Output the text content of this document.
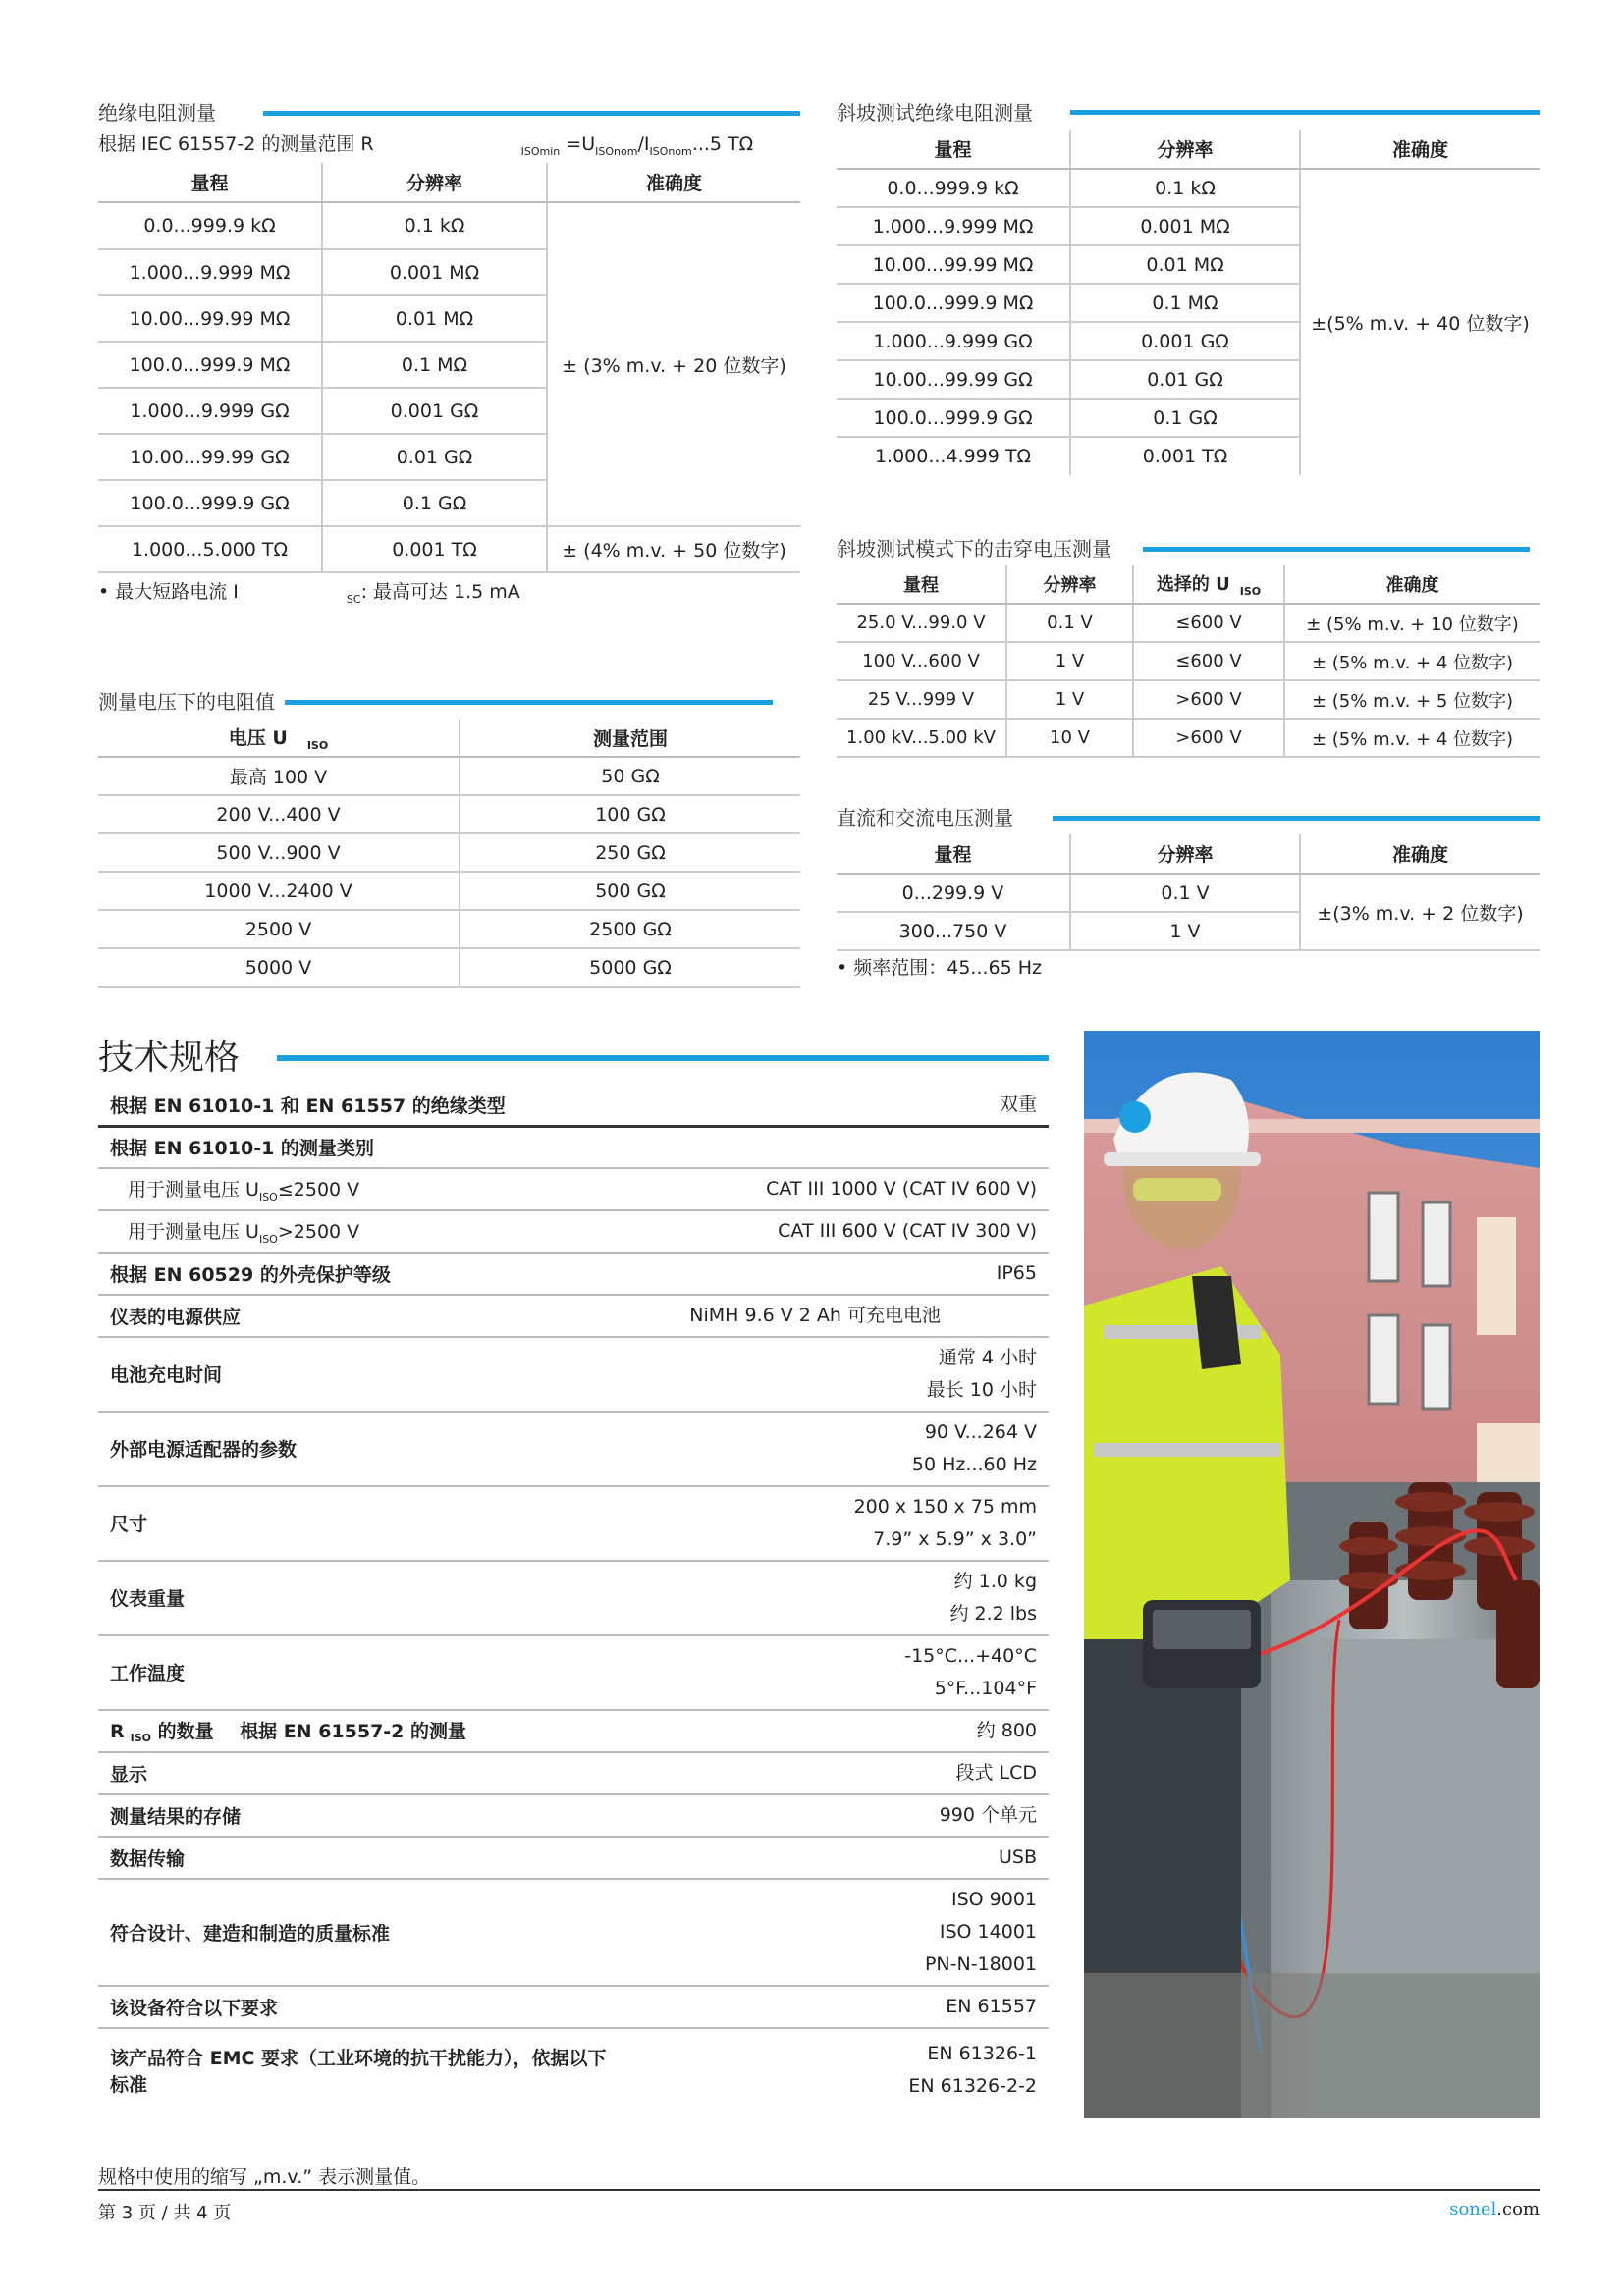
绝缘电阻测量
根据 IEC 61557-2 的测量范围 R	$_{ISOmin} =U_{ISOnom}/I_{ISOnom}...5$ TΩ
量程	分辨率	准确度
0.0...999.9 kΩ	0.1 kΩ	± (3% m.v. + 20 位数字)
1.000...9.999 MΩ	0.001 MΩ	
10.00...99.99 MΩ	0.01 MΩ	
100.0...999.9 MΩ	0.1 MΩ	
1.000...9.999 GΩ	0.001 GΩ	
10.00...99.99 GΩ	0.01 GΩ	
100.0...999.9 GΩ	0.1 GΩ	
1.000...5.000 TΩ	0.001 TΩ	± (4% m.v. + 50 位数字)
• 最大短路电流 I	$_{SC}$: 最高可达 1.5 mA
测量电压下的电阻值
电压 U $_{ISO}$	测量范围
最高 100 V	50 GΩ
200 V...400 V	100 GΩ
500 V...900 V	250 GΩ
1000 V...2400 V	500 GΩ
2500 V	2500 GΩ
5000 V	5000 GΩ
斜坡测试绝缘电阻测量
量程	分辨率	准确度
0.0...999.9 kΩ	0.1 kΩ	±(5% m.v. + 40 位数字)
1.000...9.999 MΩ	0.001 MΩ	
10.00...99.99 MΩ	0.01 MΩ	
100.0...999.9 MΩ	0.1 MΩ	
1.000...9.999 GΩ	0.001 GΩ	
10.00...99.99 GΩ	0.01 GΩ	
100.0...999.9 GΩ	0.1 GΩ	
1.000...4.999 TΩ	0.001 TΩ	
斜坡测试模式下的击穿电压测量
量程	分辨率	选择的 U $_{ISO}$	准确度
25.0 V...99.0 V	0.1 V	≤600 V	± (5% m.v. + 10 位数字)
100 V...600 V	1 V	≤600 V	± (5% m.v. + 4 位数字)
25 V...999 V	1 V	>600 V	± (5% m.v. + 5 位数字)
1.00 kV...5.00 kV	10 V	>600 V	± (5% m.v. + 4 位数字)
直流和交流电压测量
量程	分辨率	准确度
0...299.9 V	0.1 V	±(3% m.v. + 2 位数字)
300...750 V	1 V	
• 频率范围：45...65 Hz
技术规格
根据 EN 61010-1 和 EN 61557 的绝缘类型	双重
根据 EN 61010-1 的测量类别	
用于测量电压 $U_{ISO}\le 2500$ V	CAT III 1000 V (CAT IV 600 V)
用于测量电压 $U_{ISO}>2500$ V	CAT III 600 V (CAT IV 300 V)
根据 EN 60529 的外壳保护等级	IP65
仪表的电源供应	NiMH 9.6 V 2 Ah 可充电电池
电池充电时间	通常 4 小时
最长 10 小时

外部电源适配器的参数	90 V...264 V
50 Hz...60 Hz

尺寸	200 x 150 x 75 mm
7.9” x 5.9” x 3.0”

仪表重量	约 1.0 kg
约 2.2 lbs

工作温度	-15°C...+40°C
5°F...104°F

R $_{ISO}$ 的数量    根据 EN 61557-2 的测量	约 800
显示	段式 LCD
测量结果的存储	990 个单元
数据传输	USB
符合设计、建造和制造的质量标准	ISO 9001
ISO 14001
PN-N-18001

该设备符合以下要求	EN 61557
该产品符合 EMC 要求（工业环境的抗干扰能力），依据以下标准	EN 61326-1
EN 61326-2-2
规格中使用的缩写 „m.v.” 表示测量值。
第 3 页 / 共 4 页	sonel.com
